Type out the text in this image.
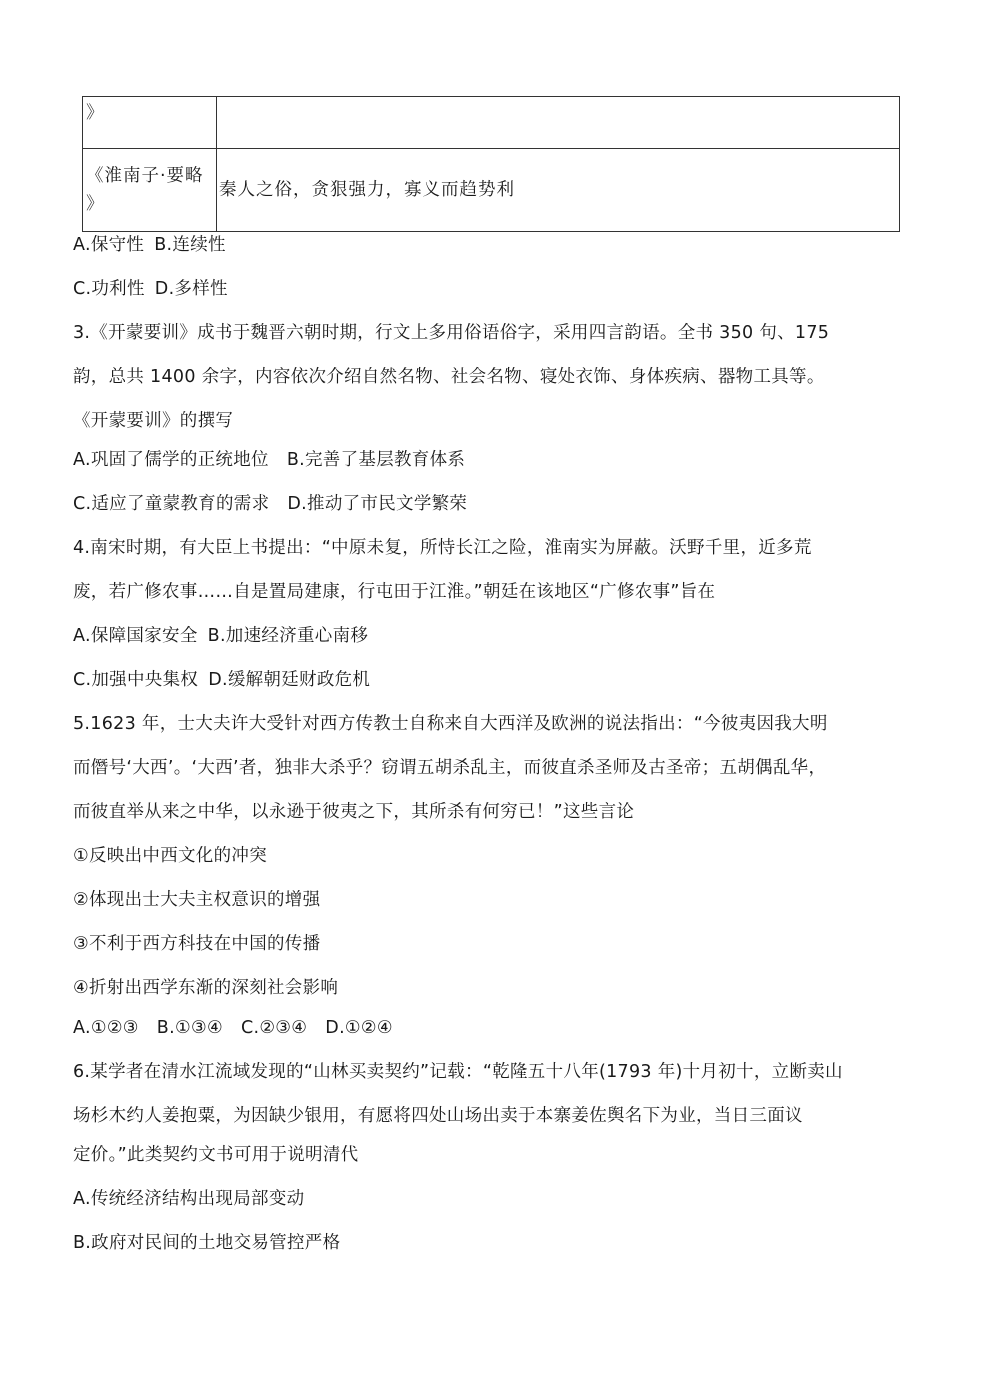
》	

《淮南子·要略
》	秦人之俗，贪狠强力，寡义而趋势利
A.保守性 B.连续性
C.功利性 D.多样性
3.《开蒙要训》成书于魏晋六朝时期，行文上多用俗语俗字，采用四言韵语。全书 350 句、175
韵，总共 1400 余字，内容依次介绍自然名物、社会名物、寝处衣饰、身体疾病、器物工具等。
《开蒙要训》的撰写
A.巩固了儒学的正统地位 B.完善了基层教育体系
C.适应了童蒙教育的需求 D.推动了市民文学繁荣
4.南宋时期，有大臣上书提出：“中原未复，所恃长江之险，淮南实为屏蔽。沃野千里，近多荒
废，若广修农事……自是置局建康，行屯田于江淮。”朝廷在该地区“广修农事”旨在
A.保障国家安全 B.加速经济重心南移
C.加强中央集权 D.缓解朝廷财政危机
5.1623 年，士大夫许大受针对西方传教士自称来自大西洋及欧洲的说法指出：“今彼夷因我大明
而僭号‘大西’。‘大西’者，独非大杀乎？窃谓五胡杀乱主，而彼直杀圣师及古圣帝；五胡偶乱华，
而彼直举从来之中华，以永逊于彼夷之下，其所杀有何穷已！”这些言论
①反映出中西文化的冲突
②体现出士大夫主权意识的增强
③不利于西方科技在中国的传播
④折射出西学东渐的深刻社会影响
A.①②③ B.①③④ C.②③④ D.①②④
6.某学者在清水江流域发现的“山林买卖契约”记载：“乾隆五十八年(1793 年)十月初十，立断卖山
场杉木约人姜抱粟，为因缺少银用，有愿将四处山场出卖于本寨姜佐舆名下为业，当日三面议
定价。”此类契约文书可用于说明清代
A.传统经济结构出现局部变动
B.政府对民间的土地交易管控严格
